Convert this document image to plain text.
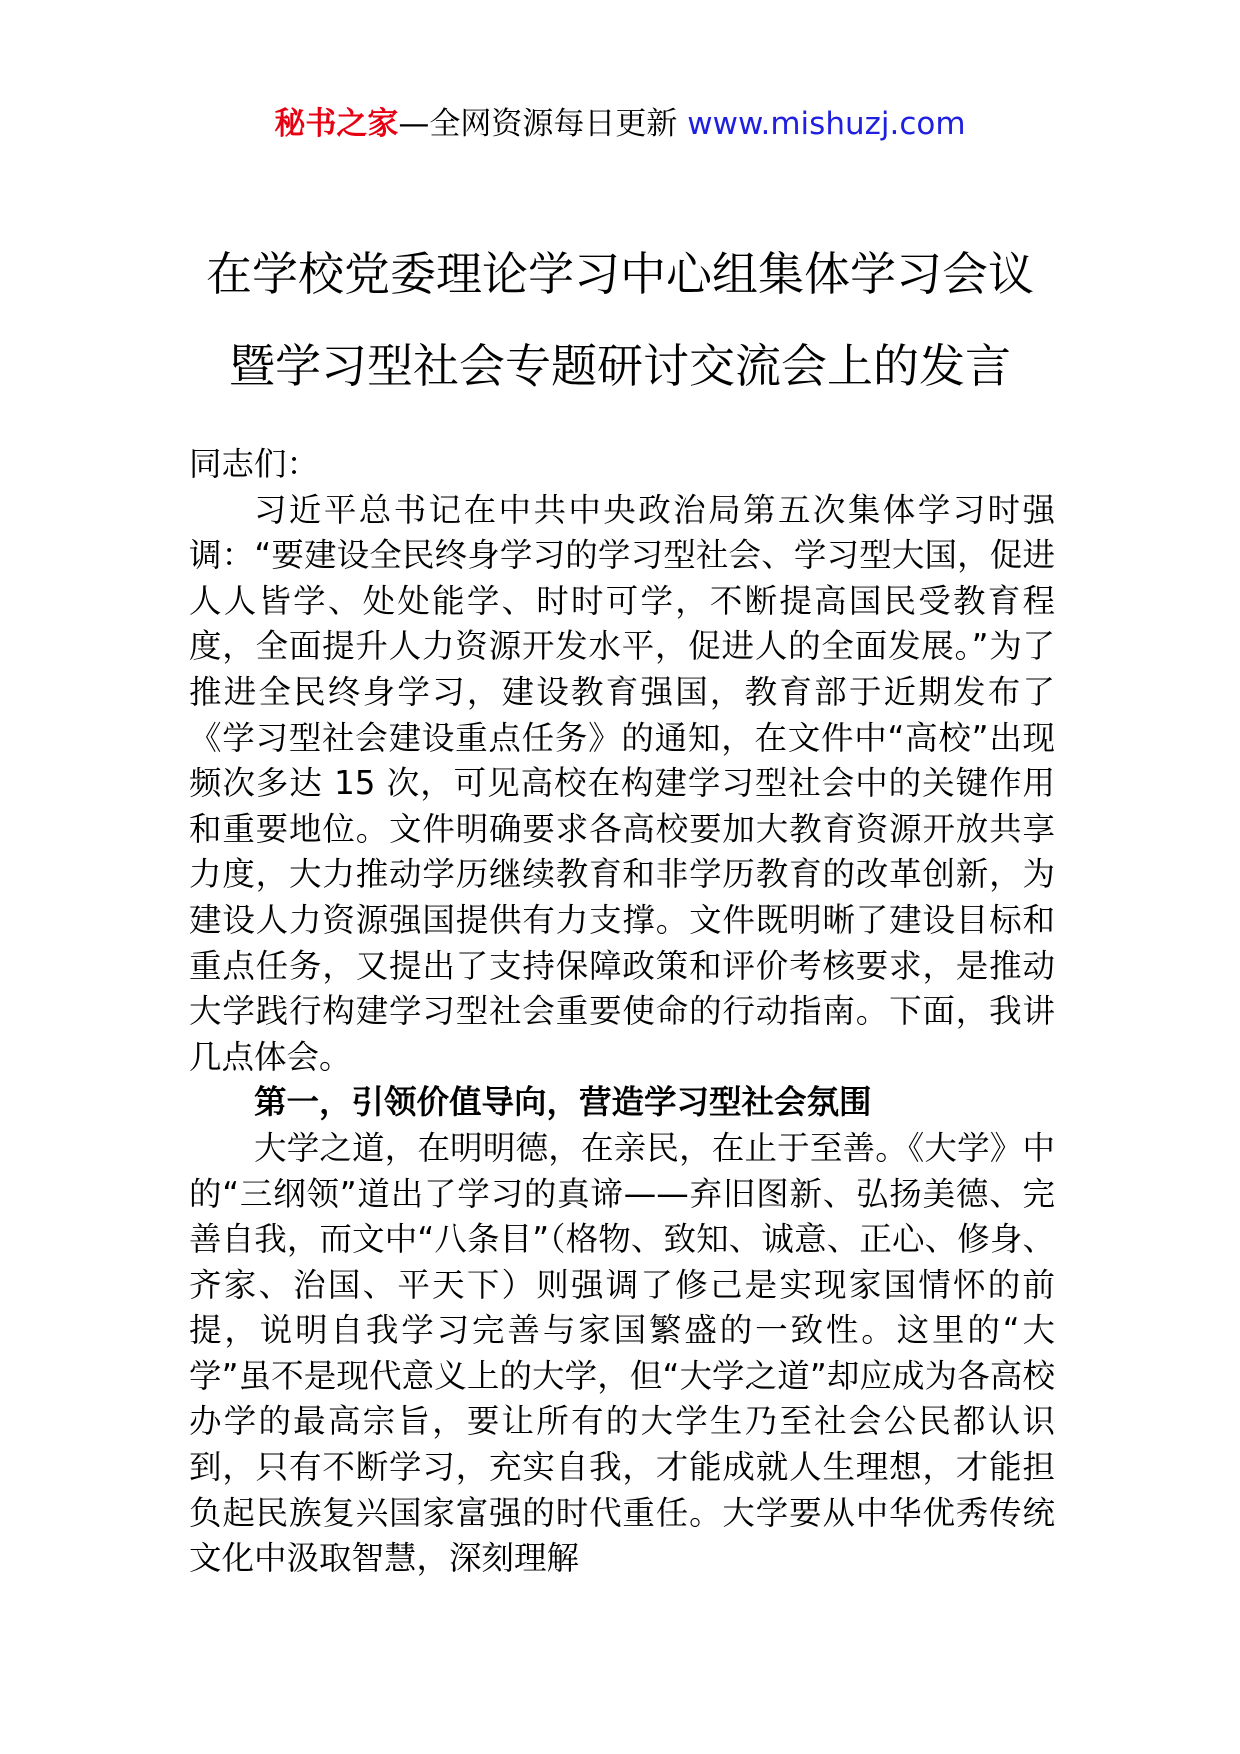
秘书之家—全网资源每日更新 www.mishuzj.com
在学校党委理论学习中心组集体学习会议
暨学习型社会专题研讨交流会上的发言

同志们：

习近平总书记在中共中央政治局第五次集体学习时强调：“要建设全民终身学习的学习型社会、学习型大国，促进人人皆学、处处能学、时时可学，不断提高国民受教育程度，全面提升人力资源开发水平，促进人的全面发展。”为了推进全民终身学习，建设教育强国，教育部于近期发布了《学习型社会建设重点任务》的通知，在文件中“高校”出现频次多达 15 次，可见高校在构建学习型社会中的关键作用和重要地位。文件明确要求各高校要加大教育资源开放共享力度，大力推动学历继续教育和非学历教育的改革创新，为建设人力资源强国提供有力支撑。文件既明晰了建设目标和重点任务，又提出了支持保障政策和评价考核要求，是推动大学践行构建学习型社会重要使命的行动指南。下面，我讲几点体会。

第一，引领价值导向，营造学习型社会氛围

大学之道，在明明德，在亲民，在止于至善。《大学》中的“三纲领”道出了学习的真谛——弃旧图新、弘扬美德、完善自我，而文中“八条目”（格物、致知、诚意、正心、修身、齐家、治国、平天下）则强调了修己是实现家国情怀的前提，说明自我学习完善与家国繁盛的一致性。这里的“大学”虽不是现代意义上的大学，但“大学之道”却应成为各高校办学的最高宗旨，要让所有的大学生乃至社会公民都认识到，只有不断学习，充实自我，才能成就人生理想，才能担负起民族复兴国家富强的时代重任。大学要从中华优秀传统文化中汲取智慧，深刻理解
